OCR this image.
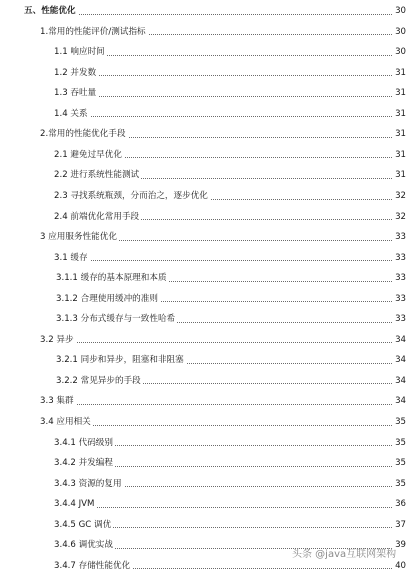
五、性能优化	30
1.常用的性能评价/测试指标	30
1.1 响应时间	30
1.2 并发数	31
1.3 吞吐量	31
1.4 关系	31
2.常用的性能优化手段	31
2.1 避免过早优化	31
2.2 进行系统性能测试	31
2.3 寻找系统瓶颈，分而治之，逐步优化	32
2.4 前端优化常用手段	32
3 应用服务性能优化	33
3.1 缓存	33
3.1.1 缓存的基本原理和本质	33
3.1.2 合理使用缓冲的准则	33
3.1.3 分布式缓存与一致性哈希	33
3.2 异步	34
3.2.1 同步和异步，阻塞和非阻塞	34
3.2.2 常见异步的手段	34
3.3 集群	34
3.4 应用相关	35
3.4.1 代码级别	35
3.4.2 并发编程	35
3.4.3 资源的复用	35
3.4.4 JVM	36
3.4.5 GC 调优	37
3.4.6 调优实战	39
3.4.7 存储性能优化	40
头条 @java互联网架构
